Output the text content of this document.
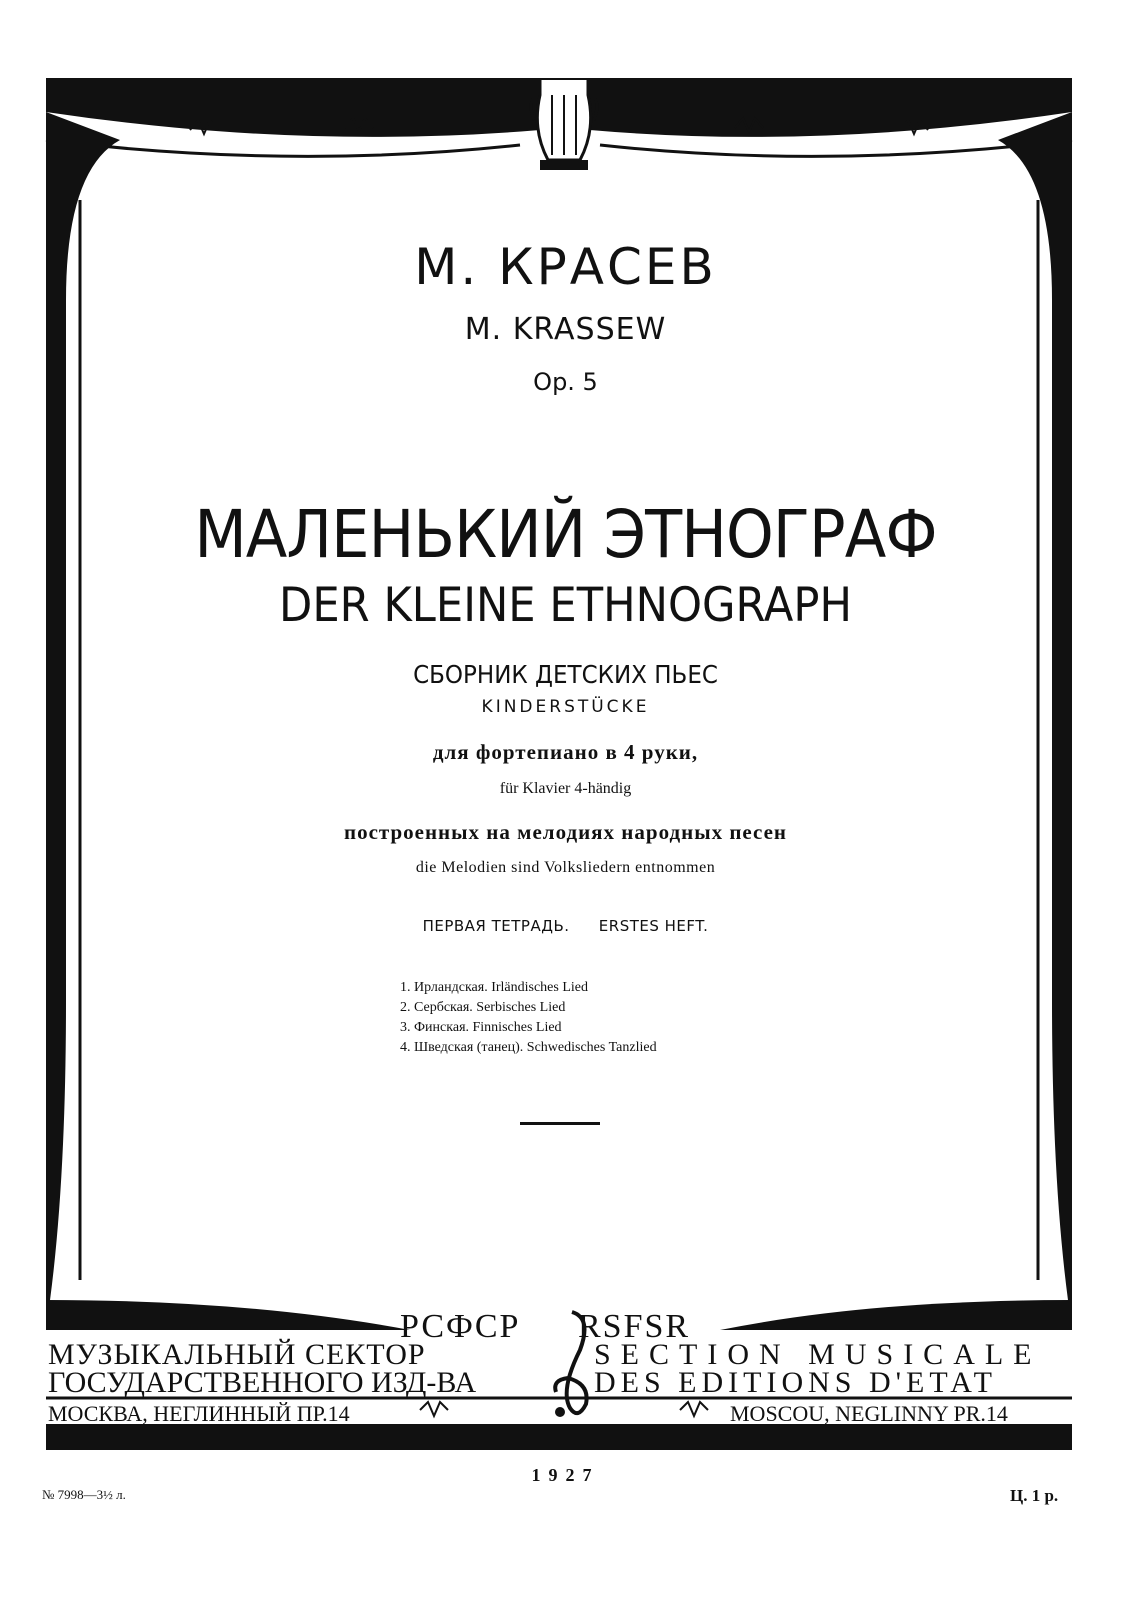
М. КРАСЕВ
M. KRASSEW
Op. 5
МАЛЕНЬКИЙ ЭТНОГРАФ
DER KLEINE ETHNOGRAPH
СБОРНИК ДЕТСКИХ ПЬЕС
KINDERSTÜCKE
для фортепиано в 4 руки,
für Klavier 4-händig
построенных на мелодиях народных песен
die Melodien sind Volksliedern entnommen
ПЕРВАЯ ТЕТРАДЬ. ERSTES HEFT.
1. Ирландская. Irländisches Lied
2. Сербская. Serbisches Lied
3. Финская. Finnisches Lied
4. Шведская (танец). Schwedisches Tanzlied
РСФСР RSFSR
МУЗЫКАЛЬНЫЙ СЕКТОР
ГОСУДАРСТВЕННОГО ИЗД-ВА
SECTION MUSICALE
DES EDITIONS D'ETAT
МОСКВА, НЕГЛИННЫЙ ПР.14	MOSCOU, NEGLINNY PR.14
1927
№ 7998—3½ л.	Ц. 1 р.
